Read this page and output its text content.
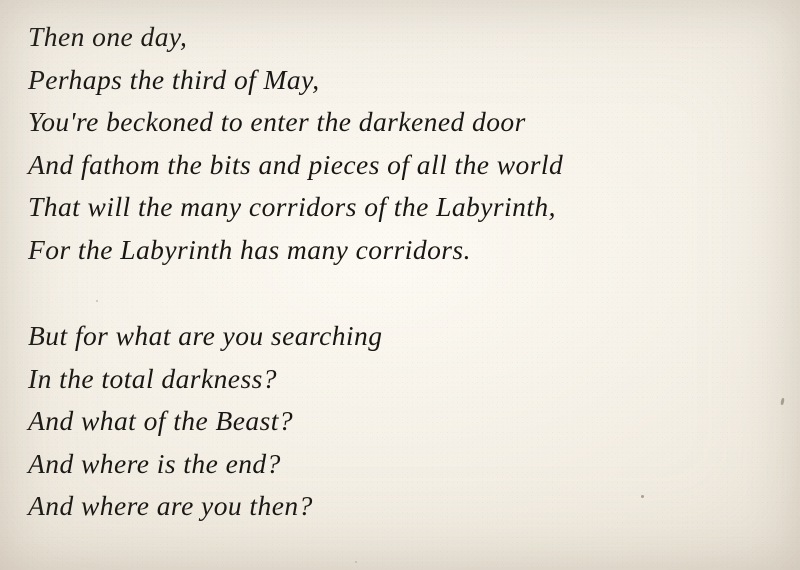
Then one day,
Perhaps the third of May,
You're beckoned to enter the darkened door
And fathom the bits and pieces of all the world
That will the many corridors of the Labyrinth,
For the Labyrinth has many corridors.
But for what are you searching
In the total darkness?
And what of the Beast?
And where is the end?
And where are you then?
